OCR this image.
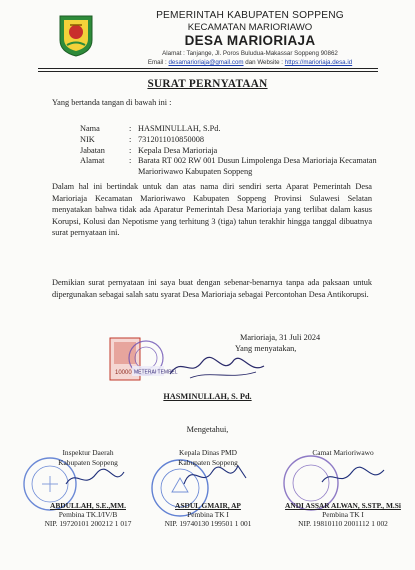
PEMERINTAH KABUPATEN SOPPENG
KECAMATAN MARIORIAWO
DESA MARIORIAJA
Alamat : Tanjange, Jl. Poros Buludua-Makassar Soppeng 90862
Email : desamarioriaja@gmail.com dan Website : https://marioriaja.desa.id
SURAT PERNYATAAN
Yang bertanda tangan di bawah ini :
Nama	: HASMINULLAH, S.Pd.
NIK	: 7312011010850008
Jabatan	: Kepala Desa Marioriaja
Alamat	: Barata RT 002 RW 001 Dusun Limpolenga Desa Marioriaja Kecamatan Marioriwawo Kabupaten Soppeng
Dalam hal ini bertindak untuk dan atas nama diri sendiri serta Aparat Pemerintah Desa Marioriaja Kecamatan Marioriwawo Kabupaten Soppeng Provinsi Sulawesi Selatan menyatakan bahwa tidak ada Aparatur Pemerintah Desa Marioriaja yang terlibat dalam kasus Korupsi, Kolusi dan Nepotisme yang terhitung 3 (tiga) tahun terakhir hingga tanggal dibuatnya surat pernyataan ini.
Demikian surat pernyataan ini saya buat dengan sebenar-benarnya tanpa ada paksaan untuk dipergunakan sebagai salah satu syarat Desa Marioriaja sebagai Percontohan Desa Antikorupsi.
10000 METERAI TEMPEL
Marioriaja, 31 Juli 2024
Yang menyatakan,
HASMINULLAH, S. Pd.
Mengetahui,
Inspektur Daerah
Kabupaten Soppeng
ABDULLAH, S.E.,MM.
Pembina TK.I/IV/B
NIP. 19720101 200212 1 017
Kepala Dinas PMD
Kabupaten Soppeng
ASDUL GMAIR, AP
Pembina TK I
NIP. 19740130 199501 1 001
Camat Marioriwawo
ANDI ASSAR ALWAN, S.STP., M.Si
Pembina TK I
NIP. 19810110 2001112 1 002
